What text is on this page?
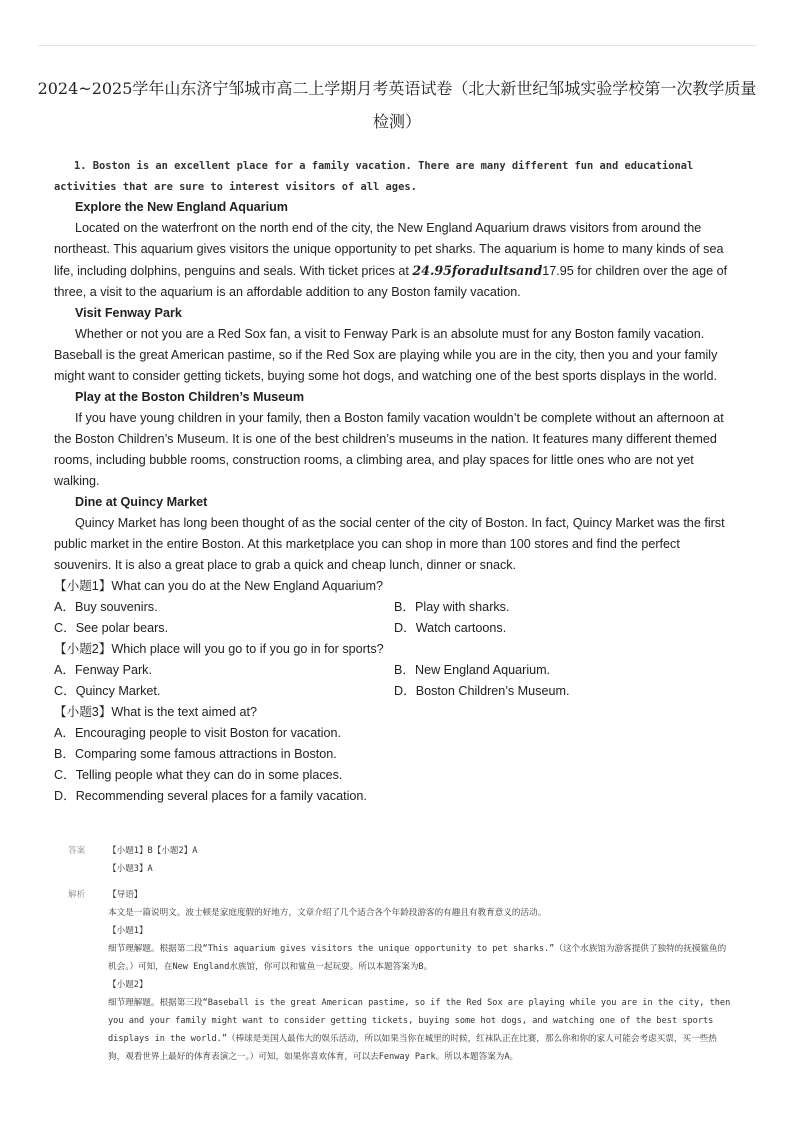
2024~2025学年山东济宁邹城市高二上学期月考英语试卷（北大新世纪邹城实验学校第一次教学质量检测）

1. Boston is an excellent place for a family vacation. There are many different fun and educational activities that are sure to interest visitors of all ages.

Explore the New England Aquarium

Located on the waterfront on the north end of the city, the New England Aquarium draws visitors from around the northeast. This aquarium gives visitors the unique opportunity to pet sharks. The aquarium is home to many kinds of sea life, including dolphins, penguins and seals. With ticket prices at 24.95foradultsand17.95 for children over the age of three, a visit to the aquarium is an affordable addition to any Boston family vacation.

Visit Fenway Park

Whether or not you are a Red Sox fan, a visit to Fenway Park is an absolute must for any Boston family vacation. Baseball is the great American pastime, so if the Red Sox are playing while you are in the city, then you and your family might want to consider getting tickets, buying some hot dogs, and watching one of the best sports displays in the world.

Play at the Boston Children’s Museum

If you have young children in your family, then a Boston family vacation wouldn’t be complete without an afternoon at the Boston Children’s Museum. It is one of the best children’s museums in the nation. It features many different themed rooms, including bubble rooms, construction rooms, a climbing area, and play spaces for little ones who are not yet walking.

Dine at Quincy Market

Quincy Market has long been thought of as the social center of the city of Boston. In fact, Quincy Market was the first public market in the entire Boston. At this marketplace you can shop in more than 100 stores and find the perfect souvenirs. It is also a great place to grab a quick and cheap lunch, dinner or snack.

【小题1】What can you do at the New England Aquarium?

A．Buy souvenirs.	B．Play with sharks.
C．See polar bears.	D．Watch cartoons.

【小题2】Which place will you go to if you go in for sports?

A．Fenway Park.	B．New England Aquarium.
C．Quincy Market.	D．Boston Children’s Museum.

【小题3】What is the text aimed at?

A．Encouraging people to visit Boston for vacation.

B．Comparing some famous attractions in Boston.

C．Telling people what they can do in some places.

D．Recommending several places for a family vacation.

答案	【小题1】B【小题2】A
【小题3】A
解析	【导语】
本文是一篇说明文。波士顿是家庭度假的好地方，文章介绍了几个适合各个年龄段游客的有趣且有教育意义的活动。
【小题1】
细节理解题。根据第二段“This aquarium gives visitors the unique opportunity to pet sharks.”（这个水族馆为游客提供了独特的抚摸鲨鱼的机会。）可知，在New England水族馆，你可以和鲨鱼一起玩耍。所以本题答案为B。
【小题2】
细节理解题。根据第三段“Baseball is the great American pastime, so if the Red Sox are playing while you are in the city, then you and your family might want to consider getting tickets, buying some hot dogs, and watching one of the best sports displays in the world.”（棒球是美国人最伟大的娱乐活动，所以如果当你在城里的时候，红袜队正在比赛，那么你和你的家人可能会考虑买票，买一些热狗，观看世界上最好的体育表演之一。）可知，如果你喜欢体育，可以去Fenway Park。所以本题答案为A。
